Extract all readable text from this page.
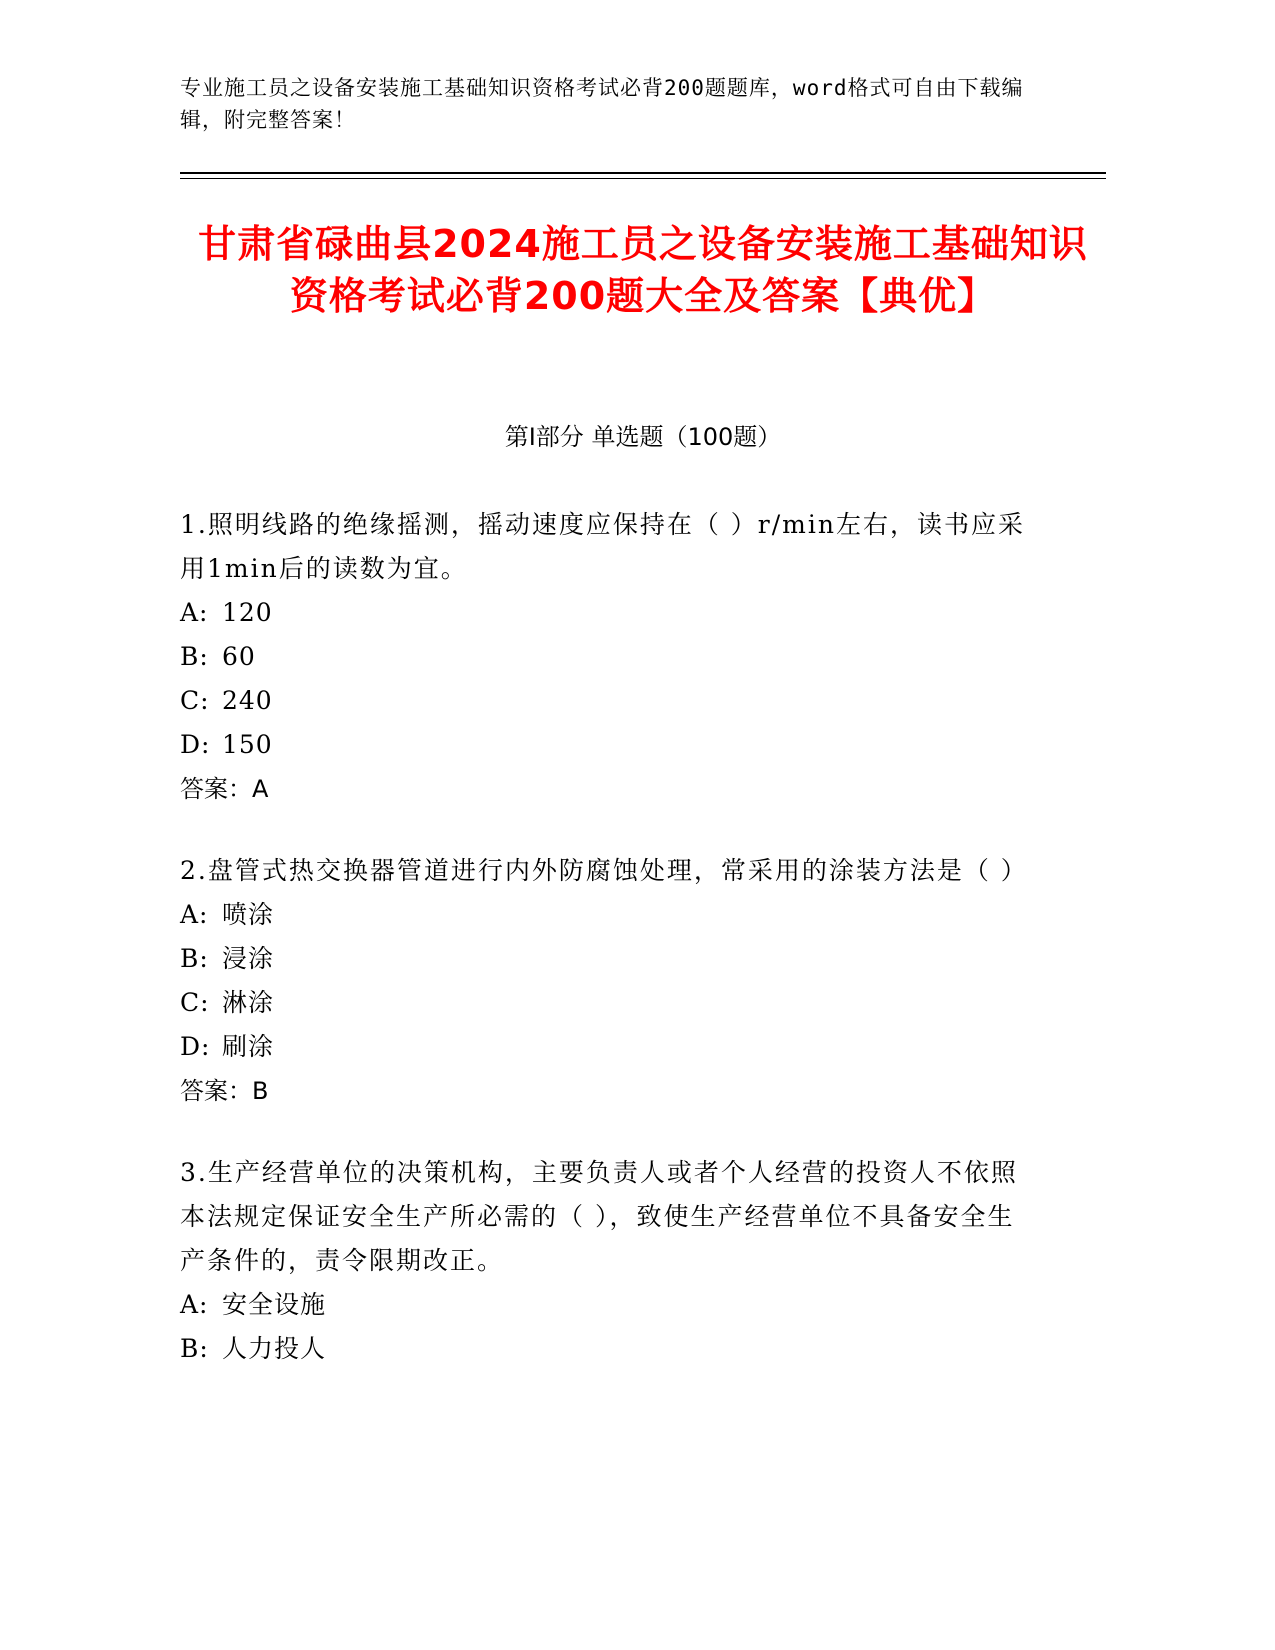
专业施工员之设备安装施工基础知识资格考试必背200题题库，word格式可自由下载编辑，附完整答案！
甘肃省碌曲县2024施工员之设备安装施工基础知识资格考试必背200题大全及答案【典优】
第Ⅰ部分 单选题（100题）
1.照明线路的绝缘摇测，摇动速度应保持在（ ）r/min左右，读书应采用1min后的读数为宜。
A: 120
B: 60
C: 240
D: 150
答案：A
2.盘管式热交换器管道进行内外防腐蚀处理，常采用的涂装方法是（ ）
A: 喷涂
B: 浸涂
C: 淋涂
D: 刷涂
答案：B
3.生产经营单位的决策机构，主要负责人或者个人经营的投资人不依照本法规定保证安全生产所必需的（ ），致使生产经营单位不具备安全生产条件的，责令限期改正。
A: 安全设施
B: 人力投人
